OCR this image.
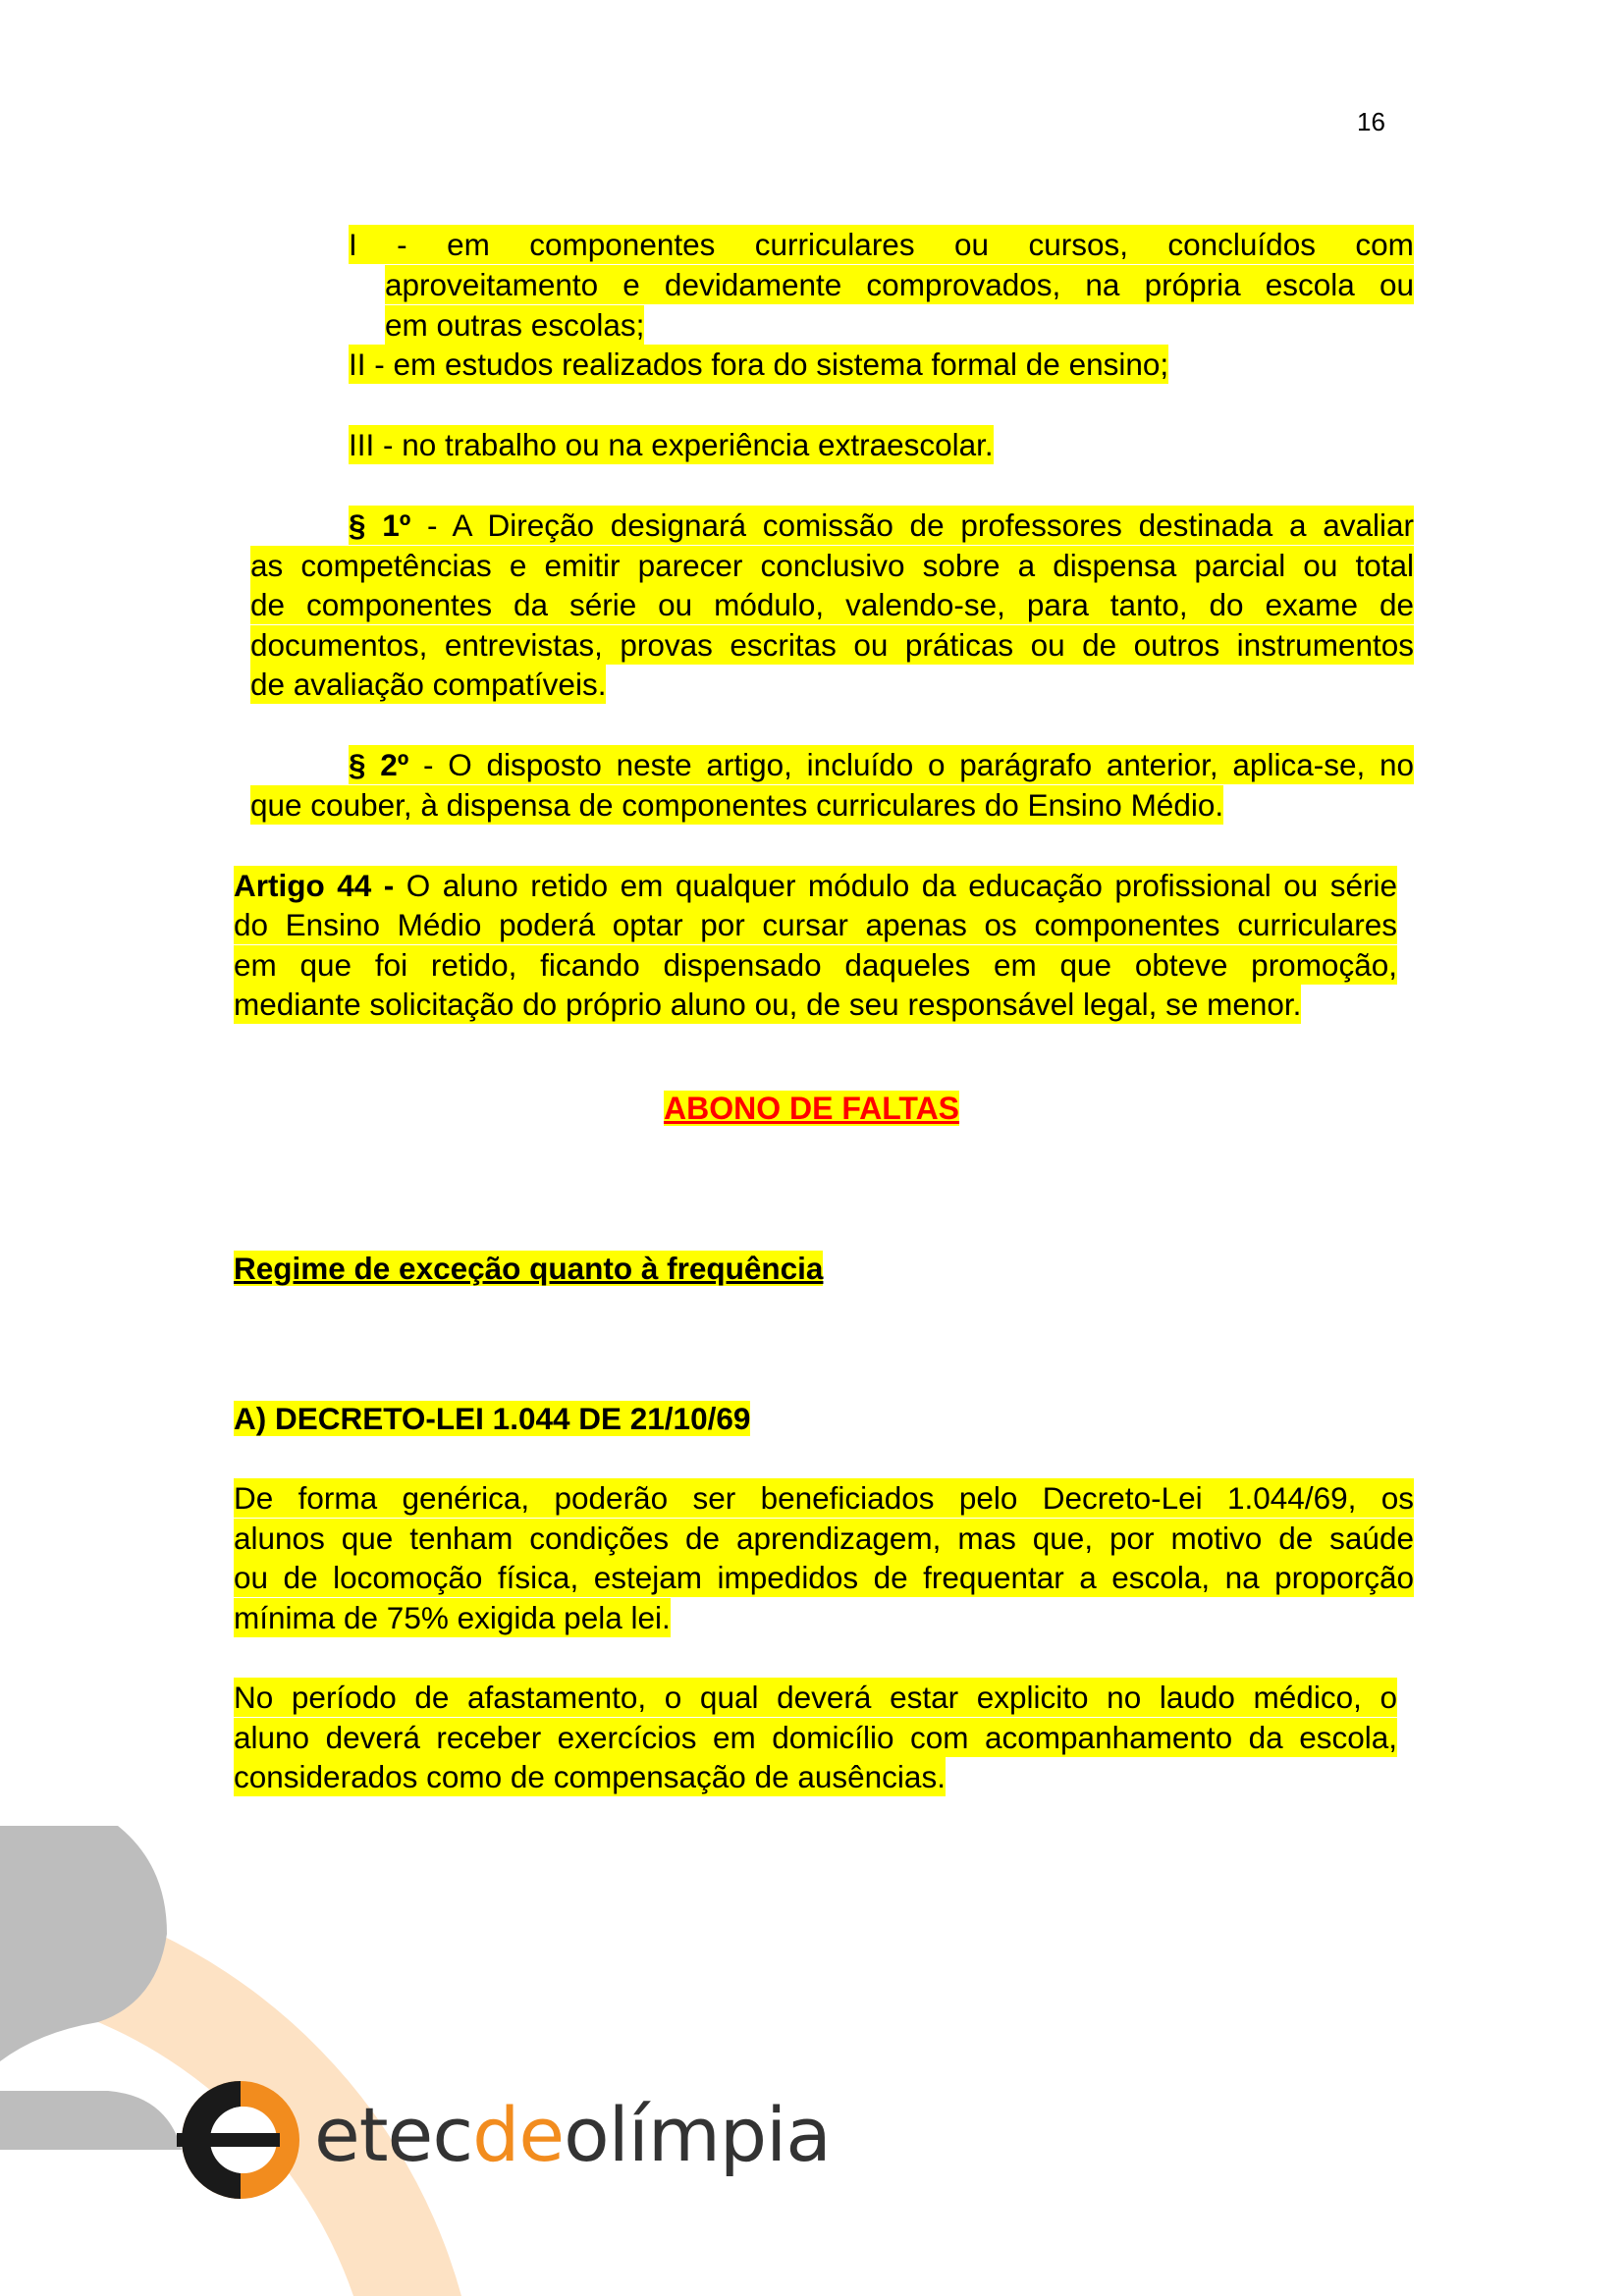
16
I - em componentes curriculares ou cursos, concluídos com
aproveitamento e devidamente comprovados, na própria escola ou
em outras escolas;
II - em estudos realizados fora do sistema formal de ensino;
III - no trabalho ou na experiência extraescolar.
§ 1º - A Direção designará comissão de professores destinada a avaliar
as competências e emitir parecer conclusivo sobre a dispensa parcial ou total
de componentes da série ou módulo, valendo-se, para tanto, do exame de
documentos, entrevistas, provas escritas ou práticas ou de outros instrumentos
de avaliação compatíveis.
§ 2º - O disposto neste artigo, incluído o parágrafo anterior, aplica-se, no
que couber, à dispensa de componentes curriculares do Ensino Médio.
Artigo 44 - O aluno retido em qualquer módulo da educação profissional ou série
do Ensino Médio poderá optar por cursar apenas os componentes curriculares
em que foi retido, ficando dispensado daqueles em que obteve promoção,
mediante solicitação do próprio aluno ou, de seu responsável legal, se menor.
ABONO DE FALTAS
Regime de exceção quanto à frequência
A) DECRETO-LEI 1.044 DE 21/10/69
De forma genérica, poderão ser beneficiados pelo Decreto-Lei 1.044/69, os
alunos que tenham condições de aprendizagem, mas que, por motivo de saúde
ou de locomoção física, estejam impedidos de frequentar a escola, na proporção
mínima de 75% exigida pela lei.
No período de afastamento, o qual deverá estar explicito no laudo médico, o
aluno deverá receber exercícios em domicílio com acompanhamento da escola,
considerados como de compensação de ausências.
etecdeolímpia
